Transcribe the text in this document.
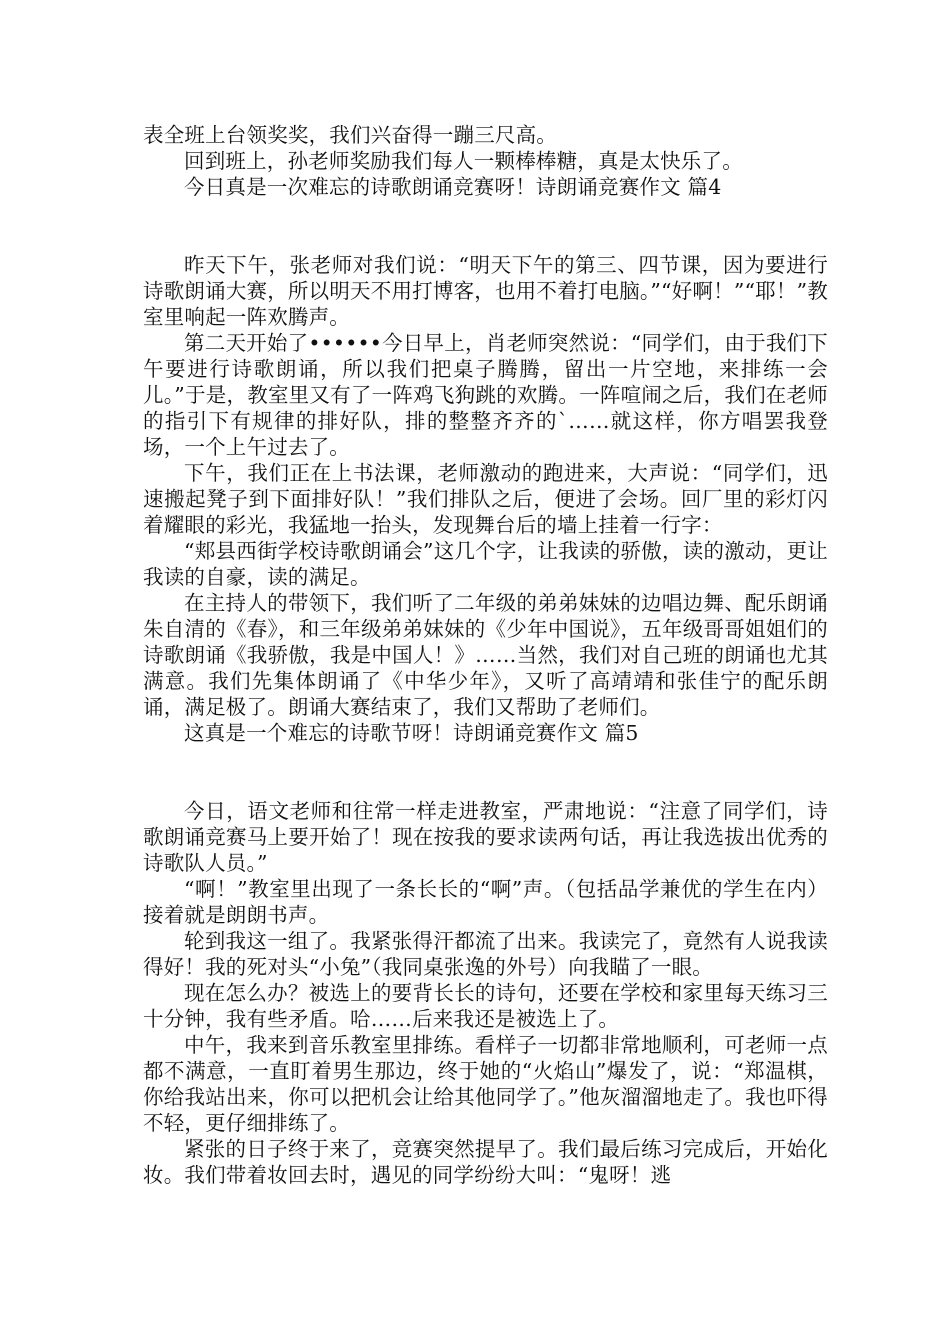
表全班上台领奖奖，我们兴奋得一蹦三尺高。

回到班上，孙老师奖励我们每人一颗棒棒糖，真是太快乐了。

今日真是一次难忘的诗歌朗诵竞赛呀！诗朗诵竞赛作文 篇4

昨天下午，张老师对我们说：“明天下午的第三、四节课，因为要进行诗歌朗诵大赛，所以明天不用打博客，也用不着打电脑。”“好啊！”“耶！”教室里响起一阵欢腾声。

第二天开始了••••••今日早上，肖老师突然说：“同学们，由于我们下午要进行诗歌朗诵，所以我们把桌子腾腾，留出一片空地，来排练一会儿。”于是，教室里又有了一阵鸡飞狗跳的欢腾。一阵喧闹之后，我们在老师的指引下有规律的排好队，排的整整齐齐的`……就这样，你方唱罢我登场，一个上午过去了。

下午，我们正在上书法课，老师激动的跑进来，大声说：“同学们，迅速搬起凳子到下面排好队！”我们排队之后，便进了会场。回厂里的彩灯闪着耀眼的彩光，我猛地一抬头，发现舞台后的墙上挂着一行字：

“郏县西街学校诗歌朗诵会”这几个字，让我读的骄傲，读的激动，更让我读的自豪，读的满足。

在主持人的带领下，我们听了二年级的弟弟妹妹的边唱边舞、配乐朗诵朱自清的《春》，和三年级弟弟妹妹的《少年中国说》，五年级哥哥姐姐们的诗歌朗诵《我骄傲，我是中国人！》……当然，我们对自己班的朗诵也尤其满意。我们先集体朗诵了《中华少年》，又听了高靖靖和张佳宁的配乐朗诵，满足极了。朗诵大赛结束了，我们又帮助了老师们。

这真是一个难忘的诗歌节呀！诗朗诵竞赛作文 篇5

今日，语文老师和往常一样走进教室，严肃地说：“注意了同学们，诗歌朗诵竞赛马上要开始了！现在按我的要求读两句话，再让我选拔出优秀的诗歌队人员。”

“啊！”教室里出现了一条长长的“啊”声。（包括品学兼优的学生在内）接着就是朗朗书声。

轮到我这一组了。我紧张得汗都流了出来。我读完了，竟然有人说我读得好！我的死对头“小兔”（我同桌张逸的外号）向我瞄了一眼。

现在怎么办？被选上的要背长长的诗句，还要在学校和家里每天练习三十分钟，我有些矛盾。哈……后来我还是被选上了。

中午，我来到音乐教室里排练。看样子一切都非常地顺利，可老师一点都不满意，一直盯着男生那边，终于她的“火焰山”爆发了，说：“郑温棋，你给我站出来，你可以把机会让给其他同学了。”他灰溜溜地走了。我也吓得不轻，更仔细排练了。

紧张的日子终于来了，竞赛突然提早了。我们最后练习完成后，开始化妆。我们带着妆回去时，遇见的同学纷纷大叫：“鬼呀！逃
